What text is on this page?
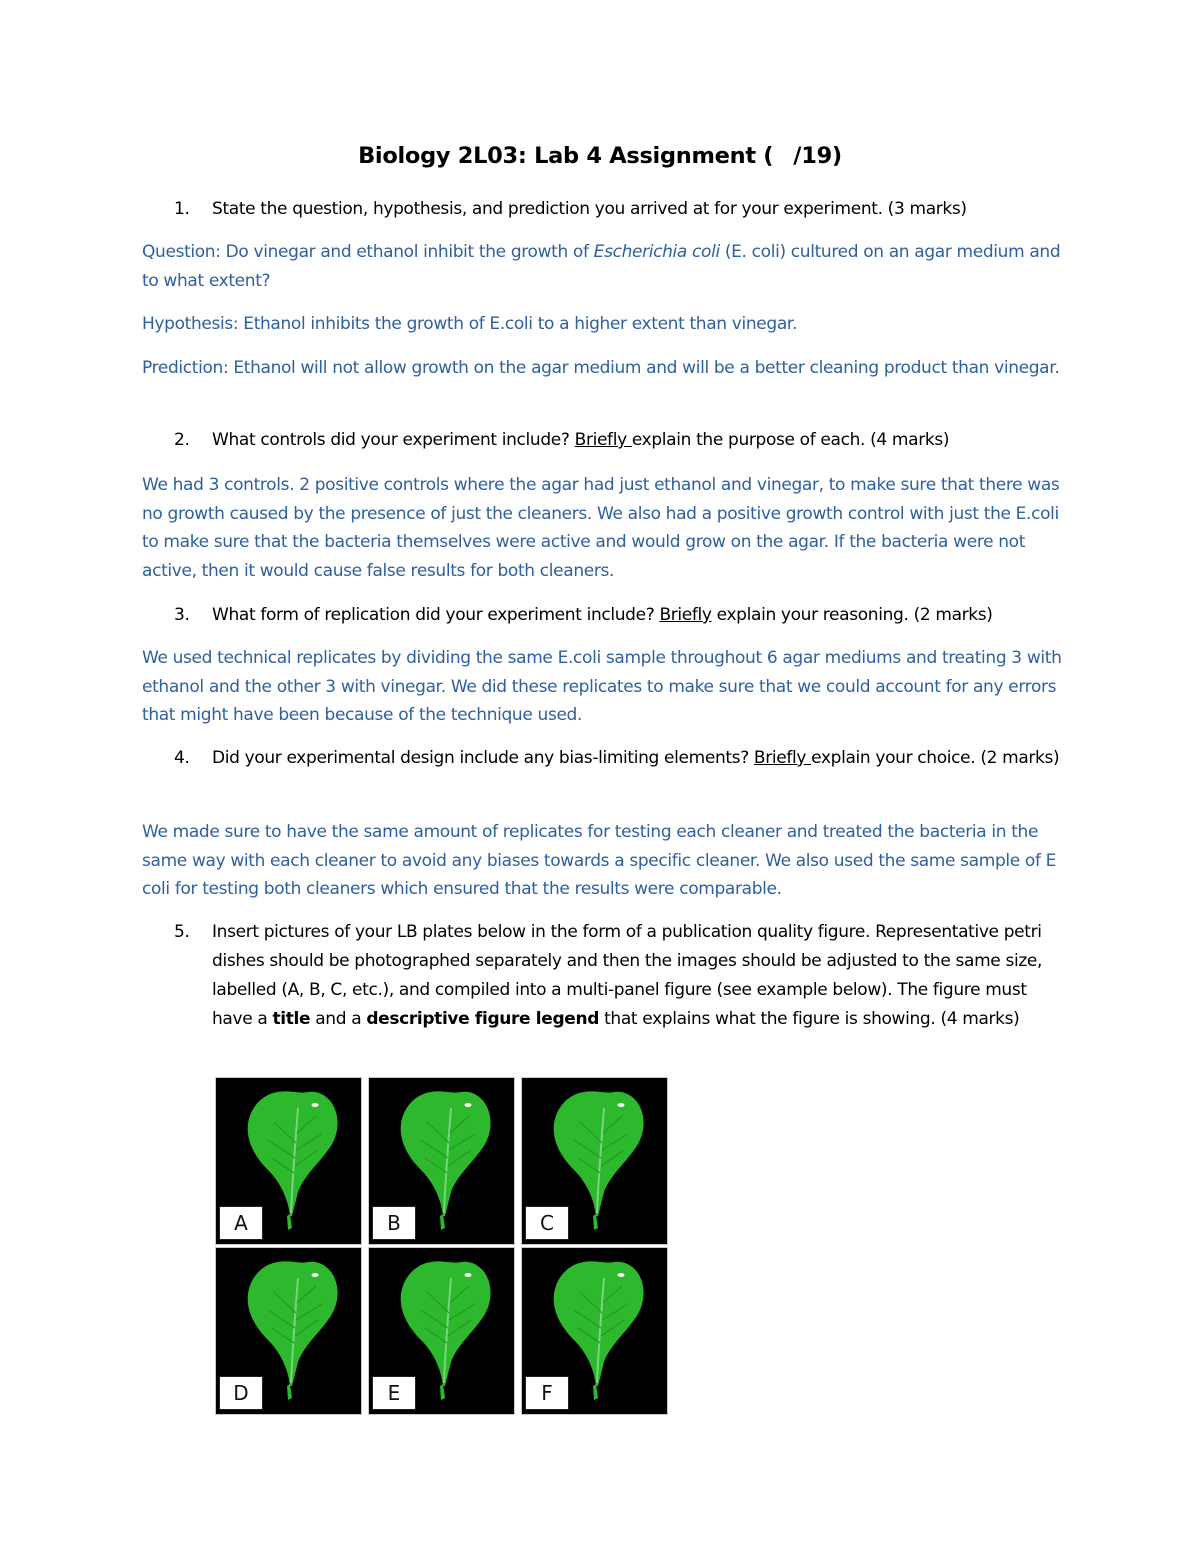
Biology 2L03: Lab 4 Assignment ( /19)
1. State the question, hypothesis, and prediction you arrived at for your experiment. (3 marks)

Question: Do vinegar and ethanol inhibit the growth of Escherichia coli (E. coli) cultured on an agar medium and to what extent?

Hypothesis: Ethanol inhibits the growth of E.coli to a higher extent than vinegar.

Prediction: Ethanol will not allow growth on the agar medium and will be a better cleaning product than vinegar.

2. What controls did your experiment include? Briefly explain the purpose of each. (4 marks)

We had 3 controls. 2 positive controls where the agar had just ethanol and vinegar, to make sure that there was no growth caused by the presence of just the cleaners. We also had a positive growth control with just the E.coli to make sure that the bacteria themselves were active and would grow on the agar. If the bacteria were not active, then it would cause false results for both cleaners.

3. What form of replication did your experiment include? Briefly explain your reasoning. (2 marks)

We used technical replicates by dividing the same E.coli sample throughout 6 agar mediums and treating 3 with ethanol and the other 3 with vinegar. We did these replicates to make sure that we could account for any errors that might have been because of the technique used.

4. Did your experimental design include any bias-limiting elements? Briefly explain your choice. (2 marks)

We made sure to have the same amount of replicates for testing each cleaner and treated the bacteria in the same way with each cleaner to avoid any biases towards a specific cleaner. We also used the same sample of E coli for testing both cleaners which ensured that the results were comparable.

5. Insert pictures of your LB plates below in the form of a publication quality figure. Representative petri dishes should be photographed separately and then the images should be adjusted to the same size, labelled (A, B, C, etc.), and compiled into a multi-panel figure (see example below). The figure must have a title and a descriptive figure legend that explains what the figure is showing. (4 marks)
A	B	C
D	E	F
